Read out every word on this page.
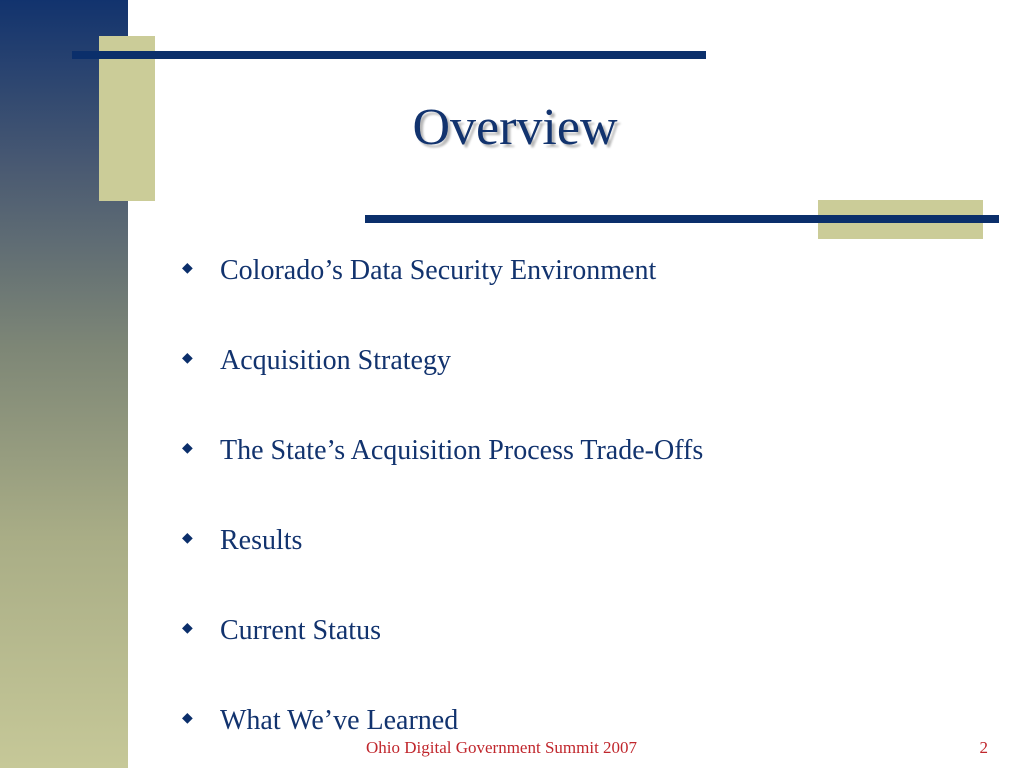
Overview
◆ Colorado’s Data Security Environment
◆ Acquisition Strategy
◆ The State’s Acquisition Process Trade-Offs
◆ Results
◆ Current Status
◆ What We’ve Learned
Ohio Digital Government Summit 2007	2
